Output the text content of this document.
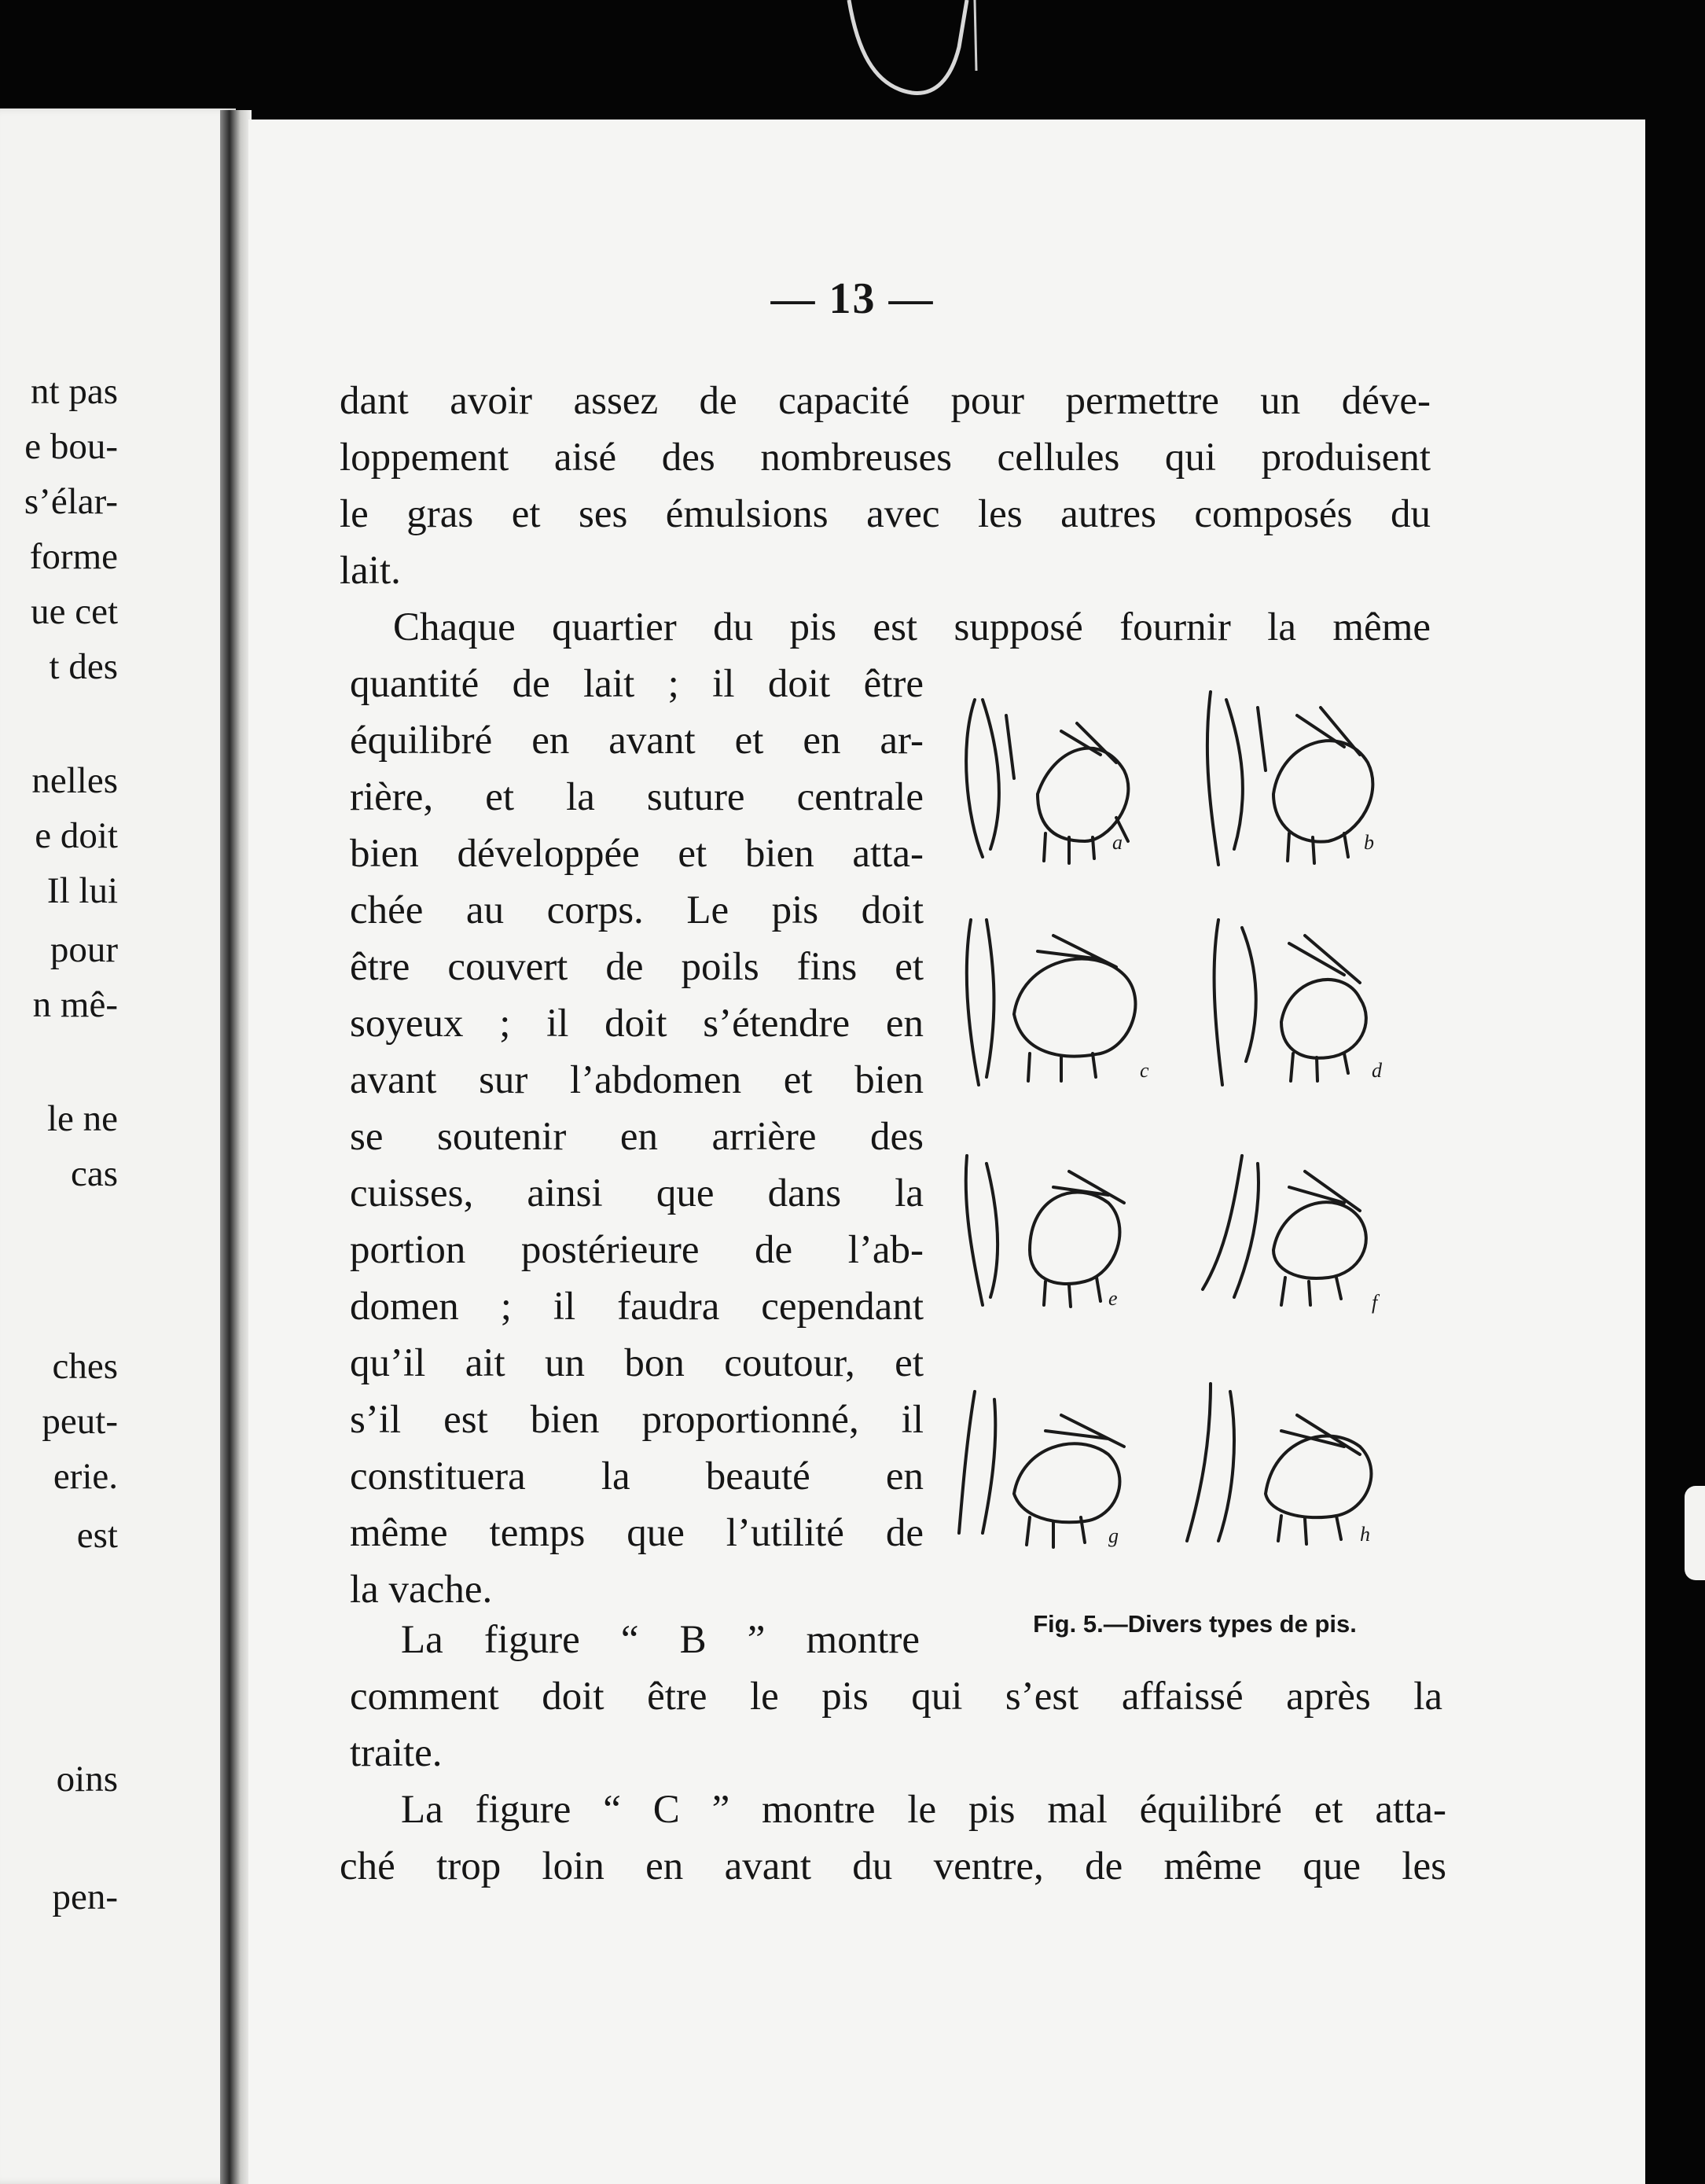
nt pas
e bou-
s’élar-
forme
ue cet
t des
nelles
e doit
Il lui
pour
n mê-
le ne
cas
ches
peut-
erie.
est
oins
pen-
— 13 —
dant avoir assez de capacité pour permettre un déve-
loppement aisé des nombreuses cellules qui produisent
le gras et ses émulsions avec les autres composés du
lait.
Chaque quartier du pis est supposé fournir la même
quantité de lait ; il doit être
équilibré en avant et en ar-
rière, et la suture centrale
bien développée et bien atta-
chée au corps. Le pis doit
être couvert de poils fins et
soyeux ; il doit s’étendre en
avant sur l’abdomen et bien
se soutenir en arrière des
cuisses, ainsi que dans la
portion postérieure de l’ab-
domen ; il faudra cependant
qu’il ait un bon coutour, et
s’il est bien proportionné, il
constituera la beauté en
même temps que l’utilité de
la vache.
a	b
c	d
e	f
g	h
Fig. 5.—Divers types de pis.
La figure “ B ” montre
comment doit être le pis qui s’est affaissé après la
traite.
La figure “ C ” montre le pis mal équilibré et atta-
ché trop loin en avant du ventre, de même que les
